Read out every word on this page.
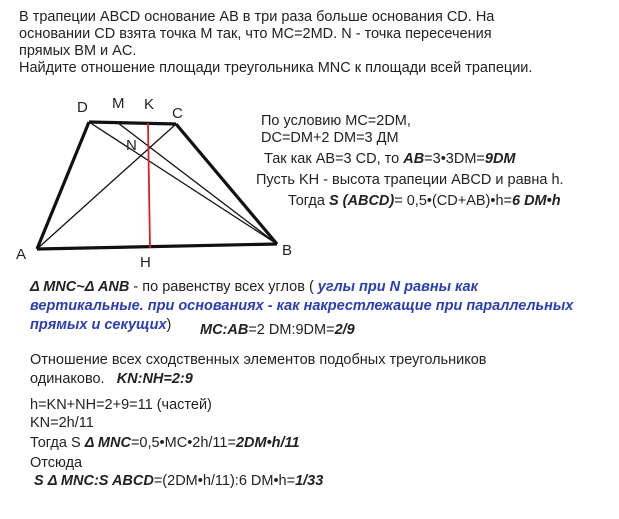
В трапеции ABCD основание AB в три раза больше основания CD. На
основании CD взята точка M так, что MC=2MD. N - точка пересечения
прямых BM и AC.
Найдите отношение площади треугольника MNC к площади всей трапеции.
D M K
C
N
A	B
H
По условию MC=2DM,
DC=DM+2 DM=3 ДМ
Так как AB=3 CD, то AB=3•3DM=9DM
Пусть KH - высота трапеции ABCD и равна h.
Тогда S (ABCD)= 0,5•(CD+AB)•h=6 DM•h
Δ MNC~Δ ANB - по равенству всех углов ( углы при N равны как
вертикальные. при основаниях - как накрестлежащие при параллельных
прямых и секущих) MC:AB=2 DM:9DM=2/9
Отношение всех сходственных элементов подобных треугольников
одинаково. KN:NH=2:9
h=KN+NH=2+9=11 (частей)
KN=2h/11
Тогда S Δ MNC=0,5•MC•2h/11=2DM•h/11
Отсюда
S Δ MNC:S ABCD=(2DM•h/11):6 DM•h=1/33
